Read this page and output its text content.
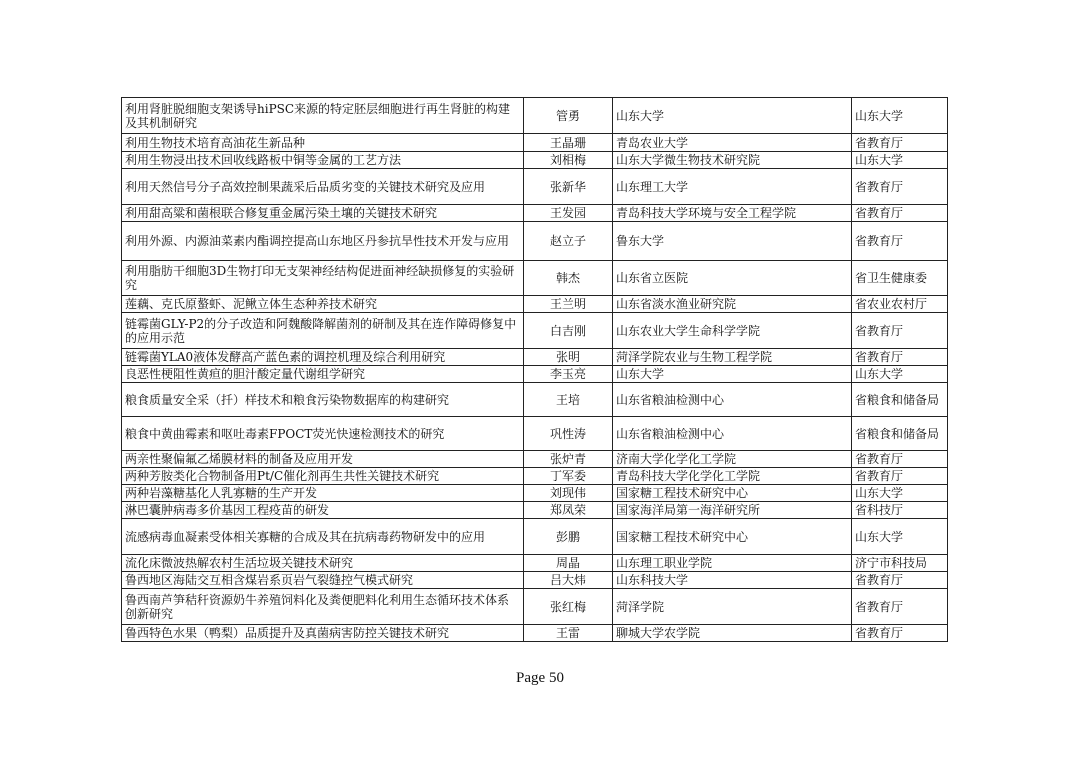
利用肾脏脱细胞支架诱导hiPSC来源的特定胚层细胞进行再生肾脏的构建及其机制研究	管勇	山东大学	山东大学
利用生物技术培育高油花生新品种	王晶珊	青岛农业大学	省教育厅
利用生物浸出技术回收线路板中铜等金属的工艺方法	刘相梅	山东大学微生物技术研究院	山东大学
利用天然信号分子高效控制果蔬采后品质劣变的关键技术研究及应用	张新华	山东理工大学	省教育厅
利用甜高粱和菌根联合修复重金属污染土壤的关键技术研究	王发园	青岛科技大学环境与安全工程学院	省教育厅
利用外源、内源油菜素内酯调控提高山东地区丹参抗旱性技术开发与应用	赵立子	鲁东大学	省教育厅
利用脂肪干细胞3D生物打印无支架神经结构促进面神经缺损修复的实验研究	韩杰	山东省立医院	省卫生健康委
莲藕、克氏原螯虾、泥鳅立体生态种养技术研究	王兰明	山东省淡水渔业研究院	省农业农村厅
链霉菌GLY-P2的分子改造和阿魏酸降解菌剂的研制及其在连作障碍修复中的应用示范	白吉刚	山东农业大学生命科学学院	省教育厅
链霉菌YLA0液体发酵高产蓝色素的调控机理及综合利用研究	张明	菏泽学院农业与生物工程学院	省教育厅
良恶性梗阻性黄疸的胆汁酸定量代谢组学研究	李玉亮	山东大学	山东大学
粮食质量安全采（扦）样技术和粮食污染物数据库的构建研究	王培	山东省粮油检测中心	省粮食和储备局
粮食中黄曲霉素和呕吐毒素FPOCT荧光快速检测技术的研究	巩性涛	山东省粮油检测中心	省粮食和储备局
两亲性聚偏氟乙烯膜材料的制备及应用开发	张炉青	济南大学化学化工学院	省教育厅
两种芳胺类化合物制备用Pt/C催化剂再生共性关键技术研究	丁军委	青岛科技大学化学化工学院	省教育厅
两种岩藻糖基化人乳寡糖的生产开发	刘现伟	国家糖工程技术研究中心	山东大学
淋巴囊肿病毒多价基因工程疫苗的研发	郑凤荣	国家海洋局第一海洋研究所	省科技厅
流感病毒血凝素受体相关寡糖的合成及其在抗病毒药物研发中的应用	彭鹏	国家糖工程技术研究中心	山东大学
流化床微波热解农村生活垃圾关键技术研究	周晶	山东理工职业学院	济宁市科技局
鲁西地区海陆交互相含煤岩系页岩气裂缝控气模式研究	吕大炜	山东科技大学	省教育厅
鲁西南芦笋秸秆资源奶牛养殖饲料化及粪便肥料化利用生态循环技术体系创新研究	张红梅	菏泽学院	省教育厅
鲁西特色水果（鸭梨）品质提升及真菌病害防控关键技术研究	王雷	聊城大学农学院	省教育厅
Page 50
